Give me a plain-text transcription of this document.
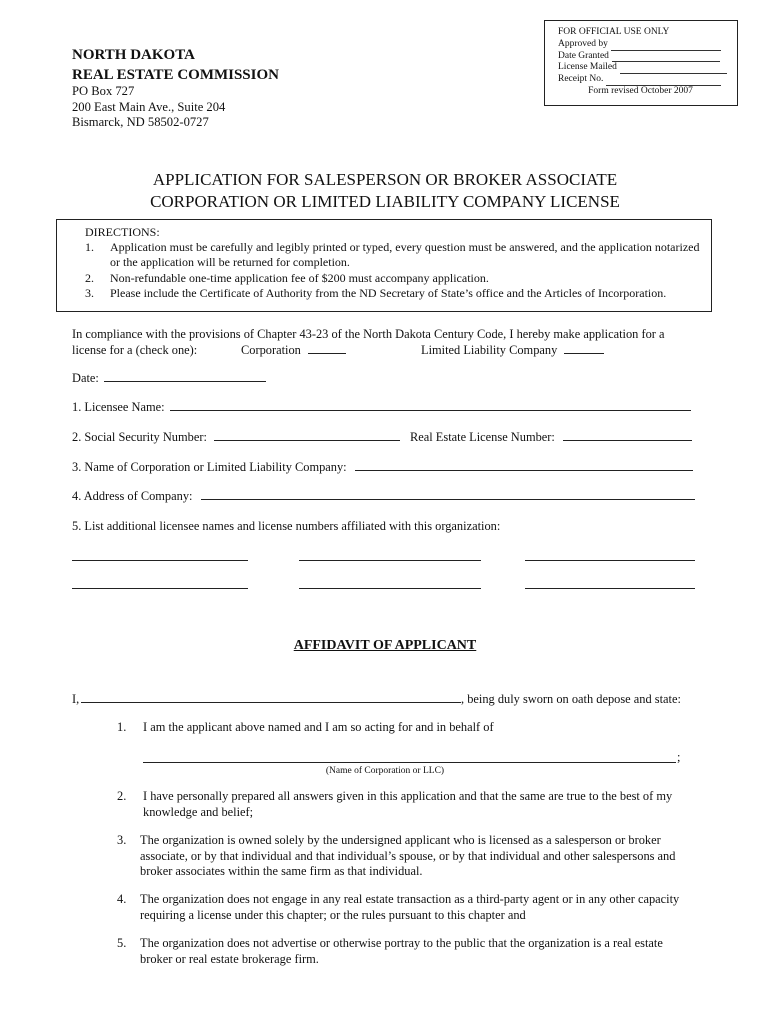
FOR OFFICIAL USE ONLY
Approved by
Date Granted
License Mailed
Receipt No.
Form revised October 2007
NORTH DAKOTA
REAL ESTATE COMMISSION
PO Box 727
200 East Main Ave., Suite 204
Bismarck, ND 58502-0727
APPLICATION FOR SALESPERSON OR BROKER ASSOCIATE
CORPORATION OR LIMITED LIABILITY COMPANY LICENSE
DIRECTIONS:
1. Application must be carefully and legibly printed or typed, every question must be answered, and the application notarized or the application will be returned for completion.
2. Non-refundable one-time application fee of $200 must accompany application.
3. Please include the Certificate of Authority from the ND Secretary of State’s office and the Articles of Incorporation.
In compliance with the provisions of Chapter 43-23 of the North Dakota Century Code, I hereby make application for a
license for a (check one):	Corporation	Limited Liability Company
Date:
1. Licensee Name:
2. Social Security Number:	Real Estate License Number:
3. Name of Corporation or Limited Liability Company:
4. Address of Company:
5. List additional licensee names and license numbers affiliated with this organization:
AFFIDAVIT OF APPLICANT
I,	, being duly sworn on oath depose and state:
1. I am the applicant above named and I am so acting for and in behalf of
;
(Name of Corporation or LLC)
2. I have personally prepared all answers given in this application and that the same are true to the best of my knowledge and belief;
3. The organization is owned solely by the undersigned applicant who is licensed as a salesperson or broker associate, or by that individual and that individual’s spouse, or by that individual and other salespersons and broker associates within the same firm as that individual.
4. The organization does not engage in any real estate transaction as a third-party agent or in any other capacity requiring a license under this chapter; or the rules pursuant to this chapter and
5. The organization does not advertise or otherwise portray to the public that the organization is a real estate broker or real estate brokerage firm.
